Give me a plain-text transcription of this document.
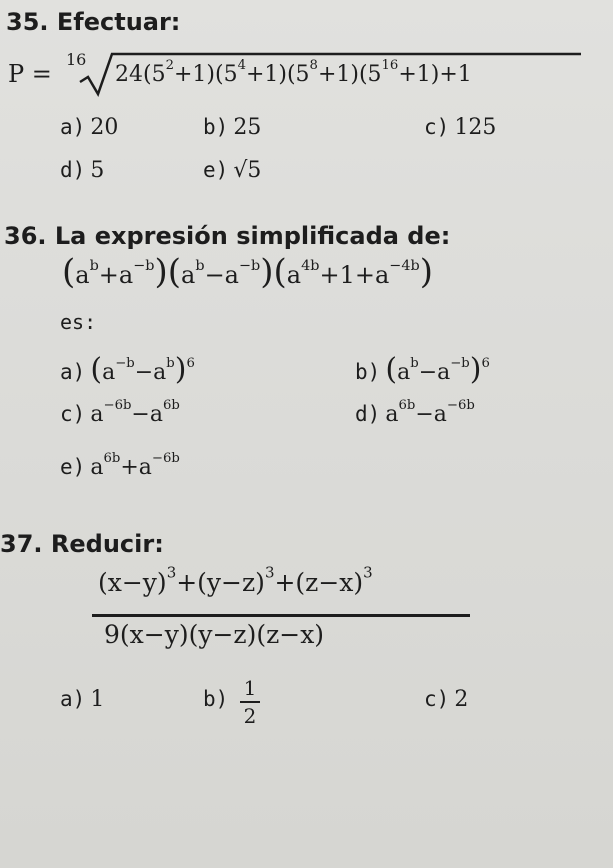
35. Efectuar:
P =
16
$24(5^2+1)(5^4+1)(5^8+1)(5^{16}+1)+1$
a) 20	b) 25	c) 125
d) 5	e) √5
36. La expresión simplificada de:
$(a^b+a^{-b})(a^b-a^{-b})(a^{4b}+1+a^{-4b})$
es:
a) $(a^{-b}-a^b)^6$	b) $(a^b-a^{-b})^6$
c) $a^{-6b}-a^{6b}$	d) $a^{6b}-a^{-6b}$
e) $a^{6b}+a^{-6b}$
37. Reducir:
$(x-y)^3+(y-z)^3+(z-x)^3$
9(x−y)(y−z)(z−x)
a) 1	b) 1
2
c) 2
